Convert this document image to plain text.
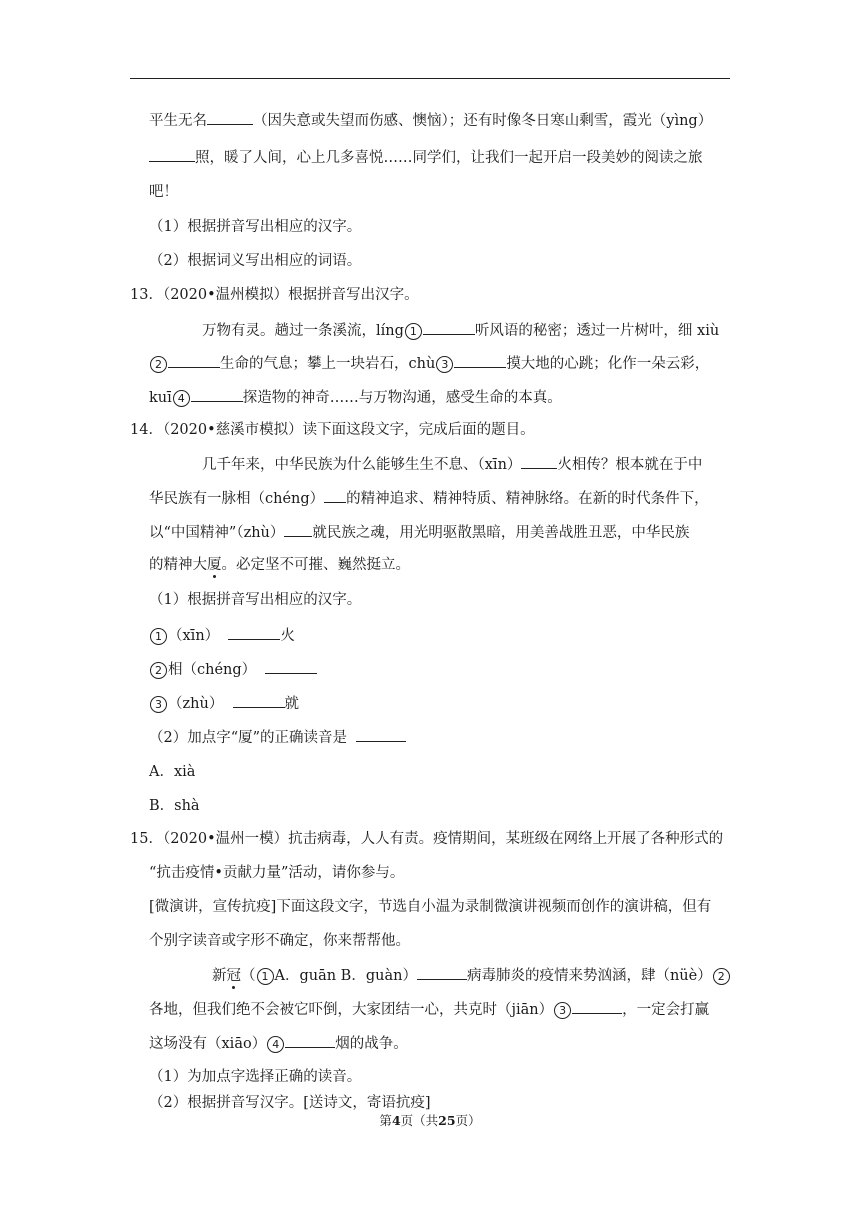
平生无名	（因失意或失望而伤感、懊恼）；还有时像冬日寒山剩雪，霞光（yìng）
照，暖了人间，心上几多喜悦……同学们，让我们一起开启一段美妙的阅读之旅
吧！
（1）根据拼音写出相应的汉字。
（2）根据词义写出相应的词语。
13．（2020•温州模拟）根据拼音写出汉字。
万物有灵。趟过一条溪流，líng 1	听风语的秘密；透过一片树叶，细 xiù
2	生命的气息；攀上一块岩石，chù 3	摸大地的心跳；化作一朵云彩，
kuī 4	探造物的神奇……与万物沟通，感受生命的本真。
14．（2020•慈溪市模拟）读下面这段文字，完成后面的题目。
几千年来，中华民族为什么能够生生不息、（xīn） 火相传？根本就在于中
华民族有一脉相（chéng） 的精神追求、精神特质、精神脉络。在新的时代条件下，
以“中国精神”（zhù） 就民族之魂，用光明驱散黑暗，用美善战胜丑恶，中华民族
的精神大厦。必定坚不可摧、巍然挺立。
（1）根据拼音写出相应的汉字。
1 （xīn）	火
2 相（chéng）
3 （zhù）	就
（2）加点字“厦”的正确读音是
A．xià
B．shà
15．（2020•温州一模）抗击病毒，人人有责。疫情期间，某班级在网络上开展了各种形式的
“抗击疫情•贡献力量”活动，请你参与。
[微演讲，宣传抗疫]下面这段文字，节选自小温为录制微演讲视频而创作的演讲稿，但有
个别字读音或字形不确定，你来帮帮他。
新冠（ 1 A．guān B．guàn）	病毒肺炎的疫情来势汹涵，肆（nüè） 2
各地，但我们绝不会被它吓倒，大家团结一心，共克时（jiān） 3	，一定会打赢
这场没有（xiāo） 4	烟的战争。
（1）为加点字选择正确的读音。
（2）根据拼音写汉字。[送诗文，寄语抗疫]
第4页（共25页）
